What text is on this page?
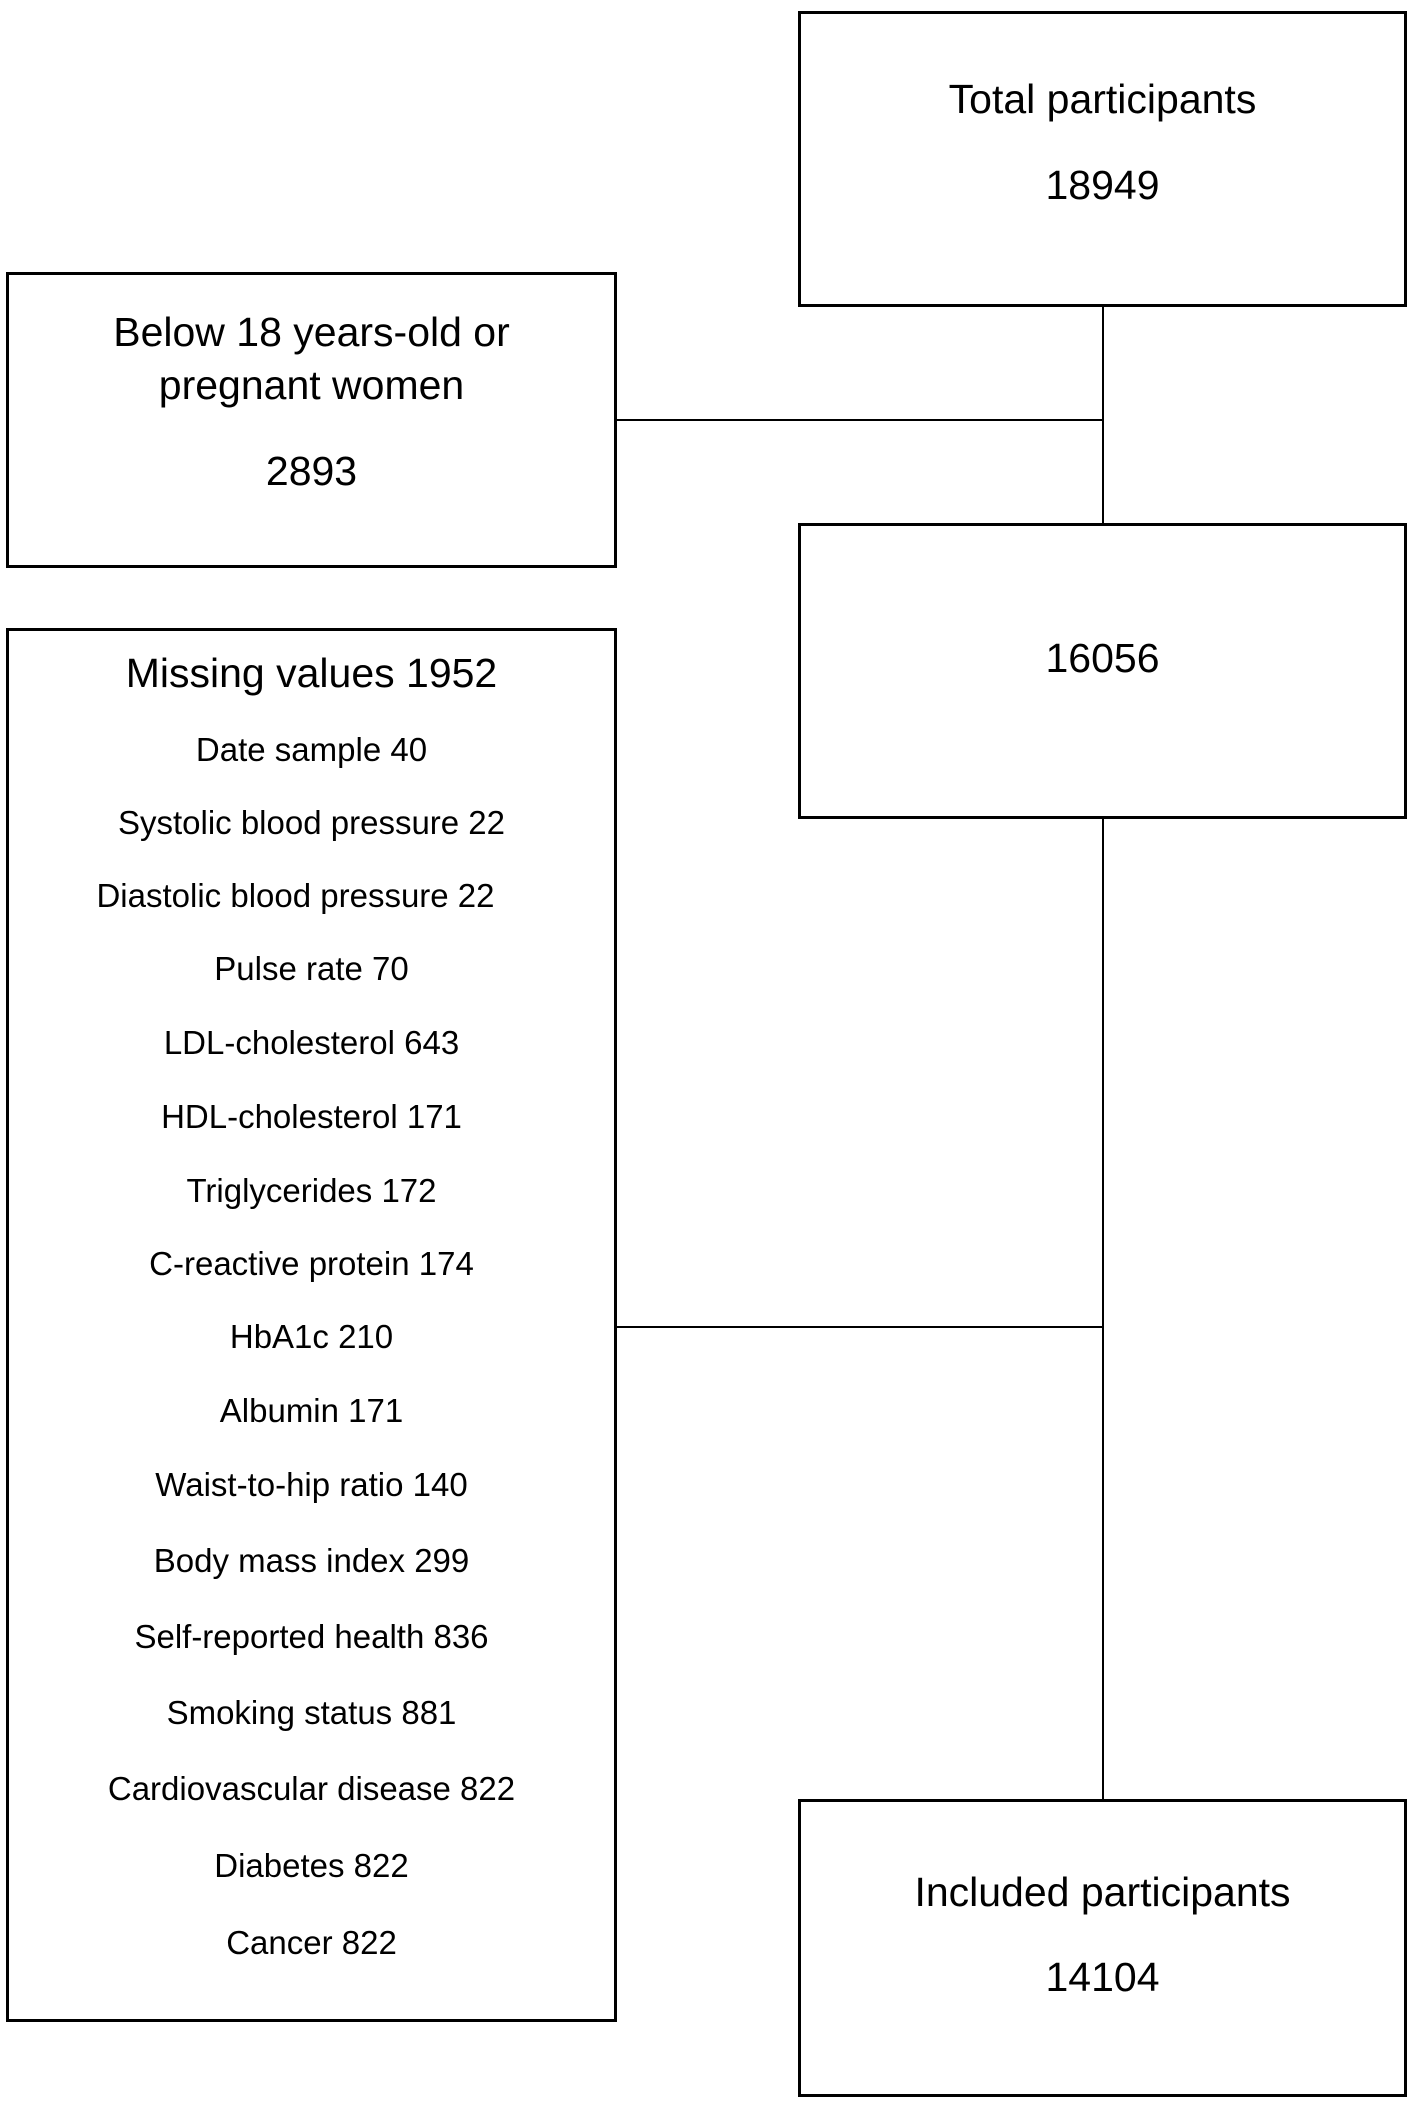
Total participants
18949
Below 18 years-old or
pregnant women
2893
16056
Missing values 1952
Date sample 40
Systolic blood pressure 22
Diastolic blood pressure 22
Pulse rate 70
LDL-cholesterol 643
HDL-cholesterol 171
Triglycerides 172
C-reactive protein 174
HbA1c 210
Albumin 171
Waist-to-hip ratio 140
Body mass index 299
Self-reported health 836
Smoking status 881
Cardiovascular disease 822
Diabetes 822
Cancer 822
Included participants
14104
